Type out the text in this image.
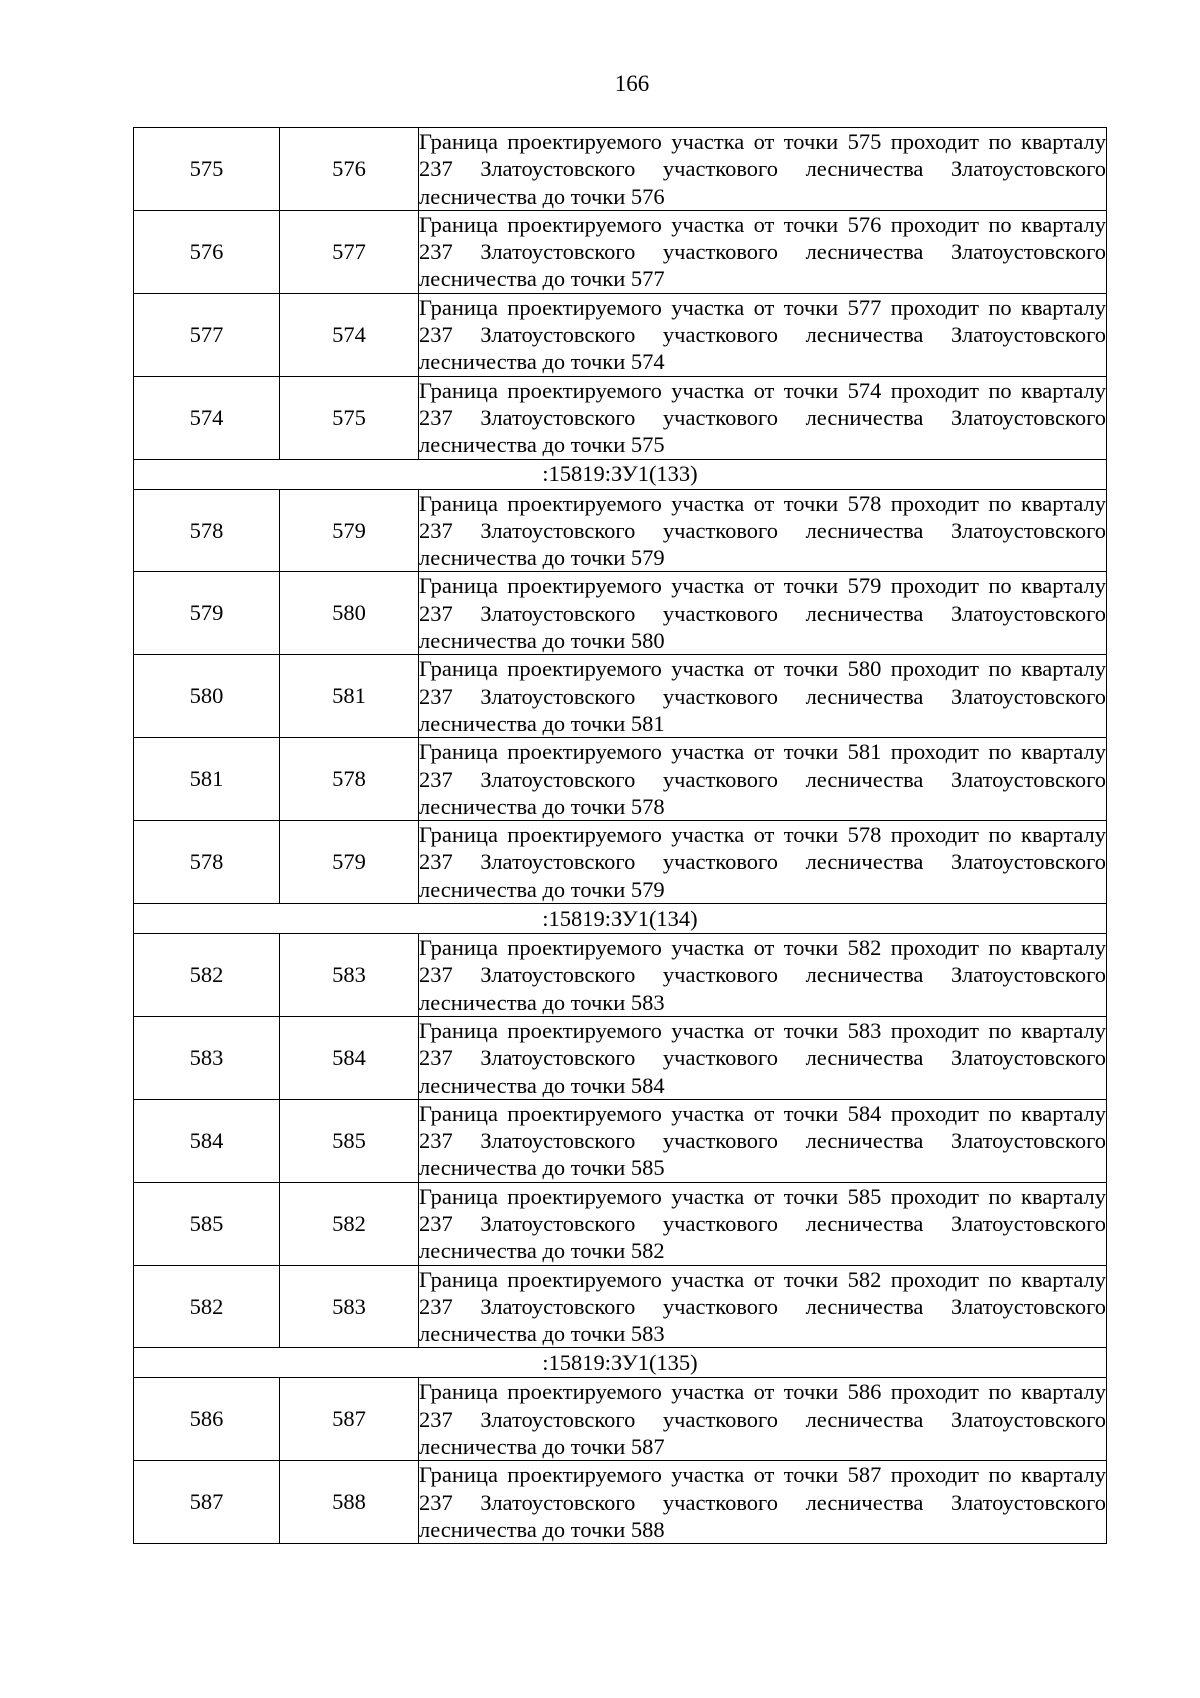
166
575	576	Граница проектируемого участка от точки 575 проходит по кварталу 237 Златоустовского участкового лесничества Златоустовского лесничества до точки 576
576	577	Граница проектируемого участка от точки 576 проходит по кварталу 237 Златоустовского участкового лесничества Златоустовского лесничества до точки 577
577	574	Граница проектируемого участка от точки 577 проходит по кварталу 237 Златоустовского участкового лесничества Златоустовского лесничества до точки 574
574	575	Граница проектируемого участка от точки 574 проходит по кварталу 237 Златоустовского участкового лесничества Златоустовского лесничества до точки 575
:15819:ЗУ1(133)		
578	579	Граница проектируемого участка от точки 578 проходит по кварталу 237 Златоустовского участкового лесничества Златоустовского лесничества до точки 579
579	580	Граница проектируемого участка от точки 579 проходит по кварталу 237 Златоустовского участкового лесничества Златоустовского лесничества до точки 580
580	581	Граница проектируемого участка от точки 580 проходит по кварталу 237 Златоустовского участкового лесничества Златоустовского лесничества до точки 581
581	578	Граница проектируемого участка от точки 581 проходит по кварталу 237 Златоустовского участкового лесничества Златоустовского лесничества до точки 578
578	579	Граница проектируемого участка от точки 578 проходит по кварталу 237 Златоустовского участкового лесничества Златоустовского лесничества до точки 579
:15819:ЗУ1(134)		
582	583	Граница проектируемого участка от точки 582 проходит по кварталу 237 Златоустовского участкового лесничества Златоустовского лесничества до точки 583
583	584	Граница проектируемого участка от точки 583 проходит по кварталу 237 Златоустовского участкового лесничества Златоустовского лесничества до точки 584
584	585	Граница проектируемого участка от точки 584 проходит по кварталу 237 Златоустовского участкового лесничества Златоустовского лесничества до точки 585
585	582	Граница проектируемого участка от точки 585 проходит по кварталу 237 Златоустовского участкового лесничества Златоустовского лесничества до точки 582
582	583	Граница проектируемого участка от точки 582 проходит по кварталу 237 Златоустовского участкового лесничества Златоустовского лесничества до точки 583
:15819:ЗУ1(135)		
586	587	Граница проектируемого участка от точки 586 проходит по кварталу 237 Златоустовского участкового лесничества Златоустовского лесничества до точки 587
587	588	Граница проектируемого участка от точки 587 проходит по кварталу 237 Златоустовского участкового лесничества Златоустовского лесничества до точки 588
